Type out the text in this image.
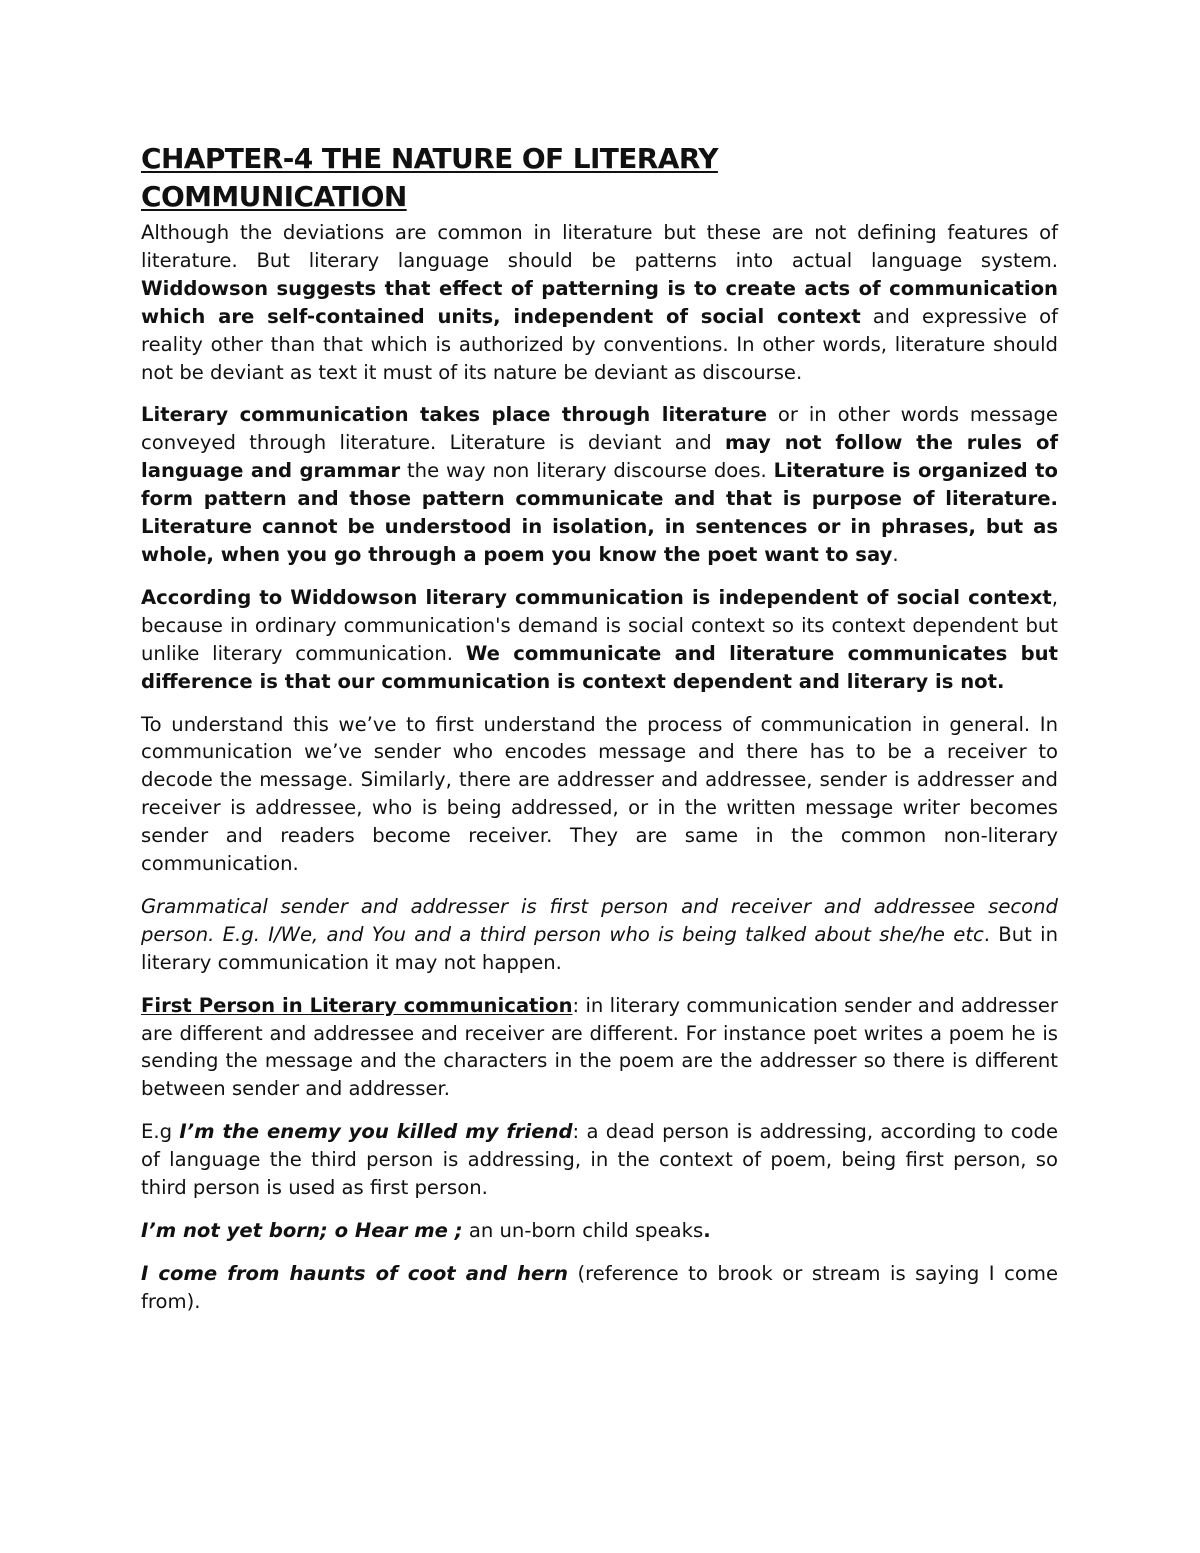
CHAPTER-4 THE NATURE OF LITERARY
COMMUNICATION

Although the deviations are common in literature but these are not defining features of literature. But literary language should be patterns into actual language system. Widdowson suggests that effect of patterning is to create acts of communication which are self-contained units, independent of social context and expressive of reality other than that which is authorized by conventions. In other words, literature should not be deviant as text it must of its nature be deviant as discourse.

Literary communication takes place through literature or in other words message conveyed through literature. Literature is deviant and may not follow the rules of language and grammar the way non literary discourse does. Literature is organized to form pattern and those pattern communicate and that is purpose of literature. Literature cannot be understood in isolation, in sentences or in phrases, but as whole, when you go through a poem you know the poet want to say.

According to Widdowson literary communication is independent of social context, because in ordinary communication's demand is social context so its context dependent but unlike literary communication. We communicate and literature communicates but difference is that our communication is context dependent and literary is not.

To understand this we’ve to first understand the process of communication in general. In communication we’ve sender who encodes message and there has to be a receiver to decode the message. Similarly, there are addresser and addressee, sender is addresser and receiver is addressee, who is being addressed, or in the written message writer becomes sender and readers become receiver. They are same in the common non-literary communication.

Grammatical sender and addresser is first person and receiver and addressee second person. E.g. I/We, and You and a third person who is being talked about she/he etc. But in literary communication it may not happen.

First Person in Literary communication: in literary communication sender and addresser are different and addressee and receiver are different. For instance poet writes a poem he is sending the message and the characters in the poem are the addresser so there is different between sender and addresser.

E.g I’m the enemy you killed my friend: a dead person is addressing, according to code of language the third person is addressing, in the context of poem, being first person, so third person is used as first person.

I’m not yet born; o Hear me ; an un-born child speaks.

I come from haunts of coot and hern (reference to brook or stream is saying I come from).
